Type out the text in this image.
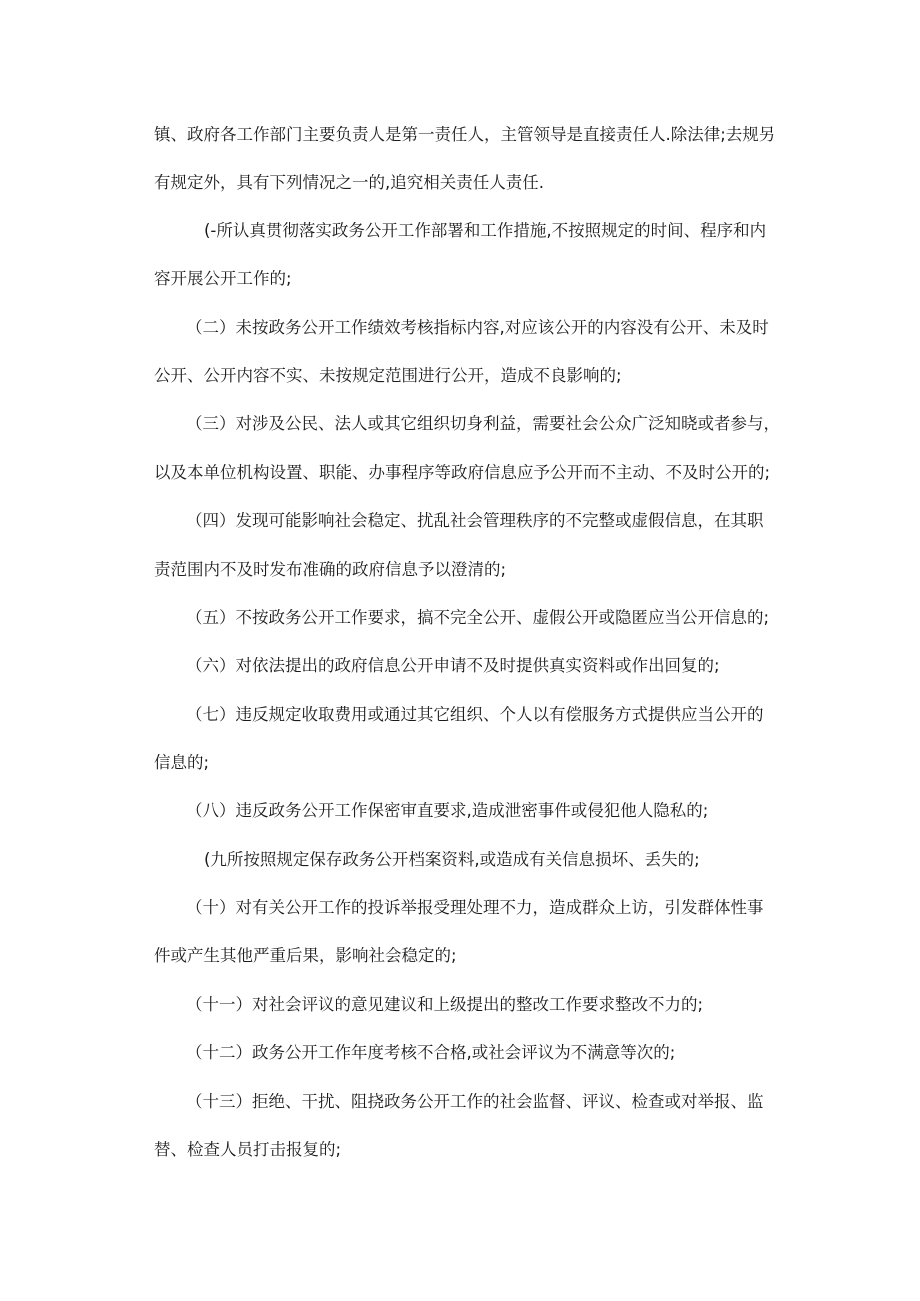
镇、政府各工作部门主要负责人是第一责任人，主管领导是直接责任人.除法律;去规另

有规定外，具有下列情况之一的,追究相关责任人责任.

(-所认真贯彻落实政务公开工作部署和工作措施,不按照规定的时间、程序和内

容开展公开工作的;

（二）未按政务公开工作绩效考核指标内容,对应该公开的内容没有公开、未及时

公开、公开内容不实、未按规定范围进行公开，造成不良影响的;

（三）对涉及公民、法人或其它组织切身利益，需要社会公众广泛知晓或者参与，

以及本单位机构设置、职能、办事程序等政府信息应予公开而不主动、不及时公开的;

（四）发现可能影响社会稳定、扰乱社会管理秩序的不完整或虚假信息，在其职

责范围内不及时发布准确的政府信息予以澄清的;

（五）不按政务公开工作要求，搞不完全公开、虚假公开或隐匿应当公开信息的;

（六）对依法提出的政府信息公开申请不及时提供真实资料或作出回复的;

（七）违反规定收取费用或通过其它组织、个人以有偿服务方式提供应当公开的

信息的;

（八）违反政务公开工作保密审直要求,造成泄密事件或侵犯他人隐私的;

(九所按照规定保存政务公开档案资料,或造成有关信息损坏、丢失的;

（十）对有关公开工作的投诉举报受理处理不力，造成群众上访，引发群体性事

件或产生其他严重后果，影响社会稳定的;

（十一）对社会评议的意见建议和上级提出的整改工作要求整改不力的;

（十二）政务公开工作年度考核不合格,或社会评议为不满意等次的;

（十三）拒绝、干扰、阻挠政务公开工作的社会监督、评议、检查或对举报、监

替、检查人员打击报复的;
